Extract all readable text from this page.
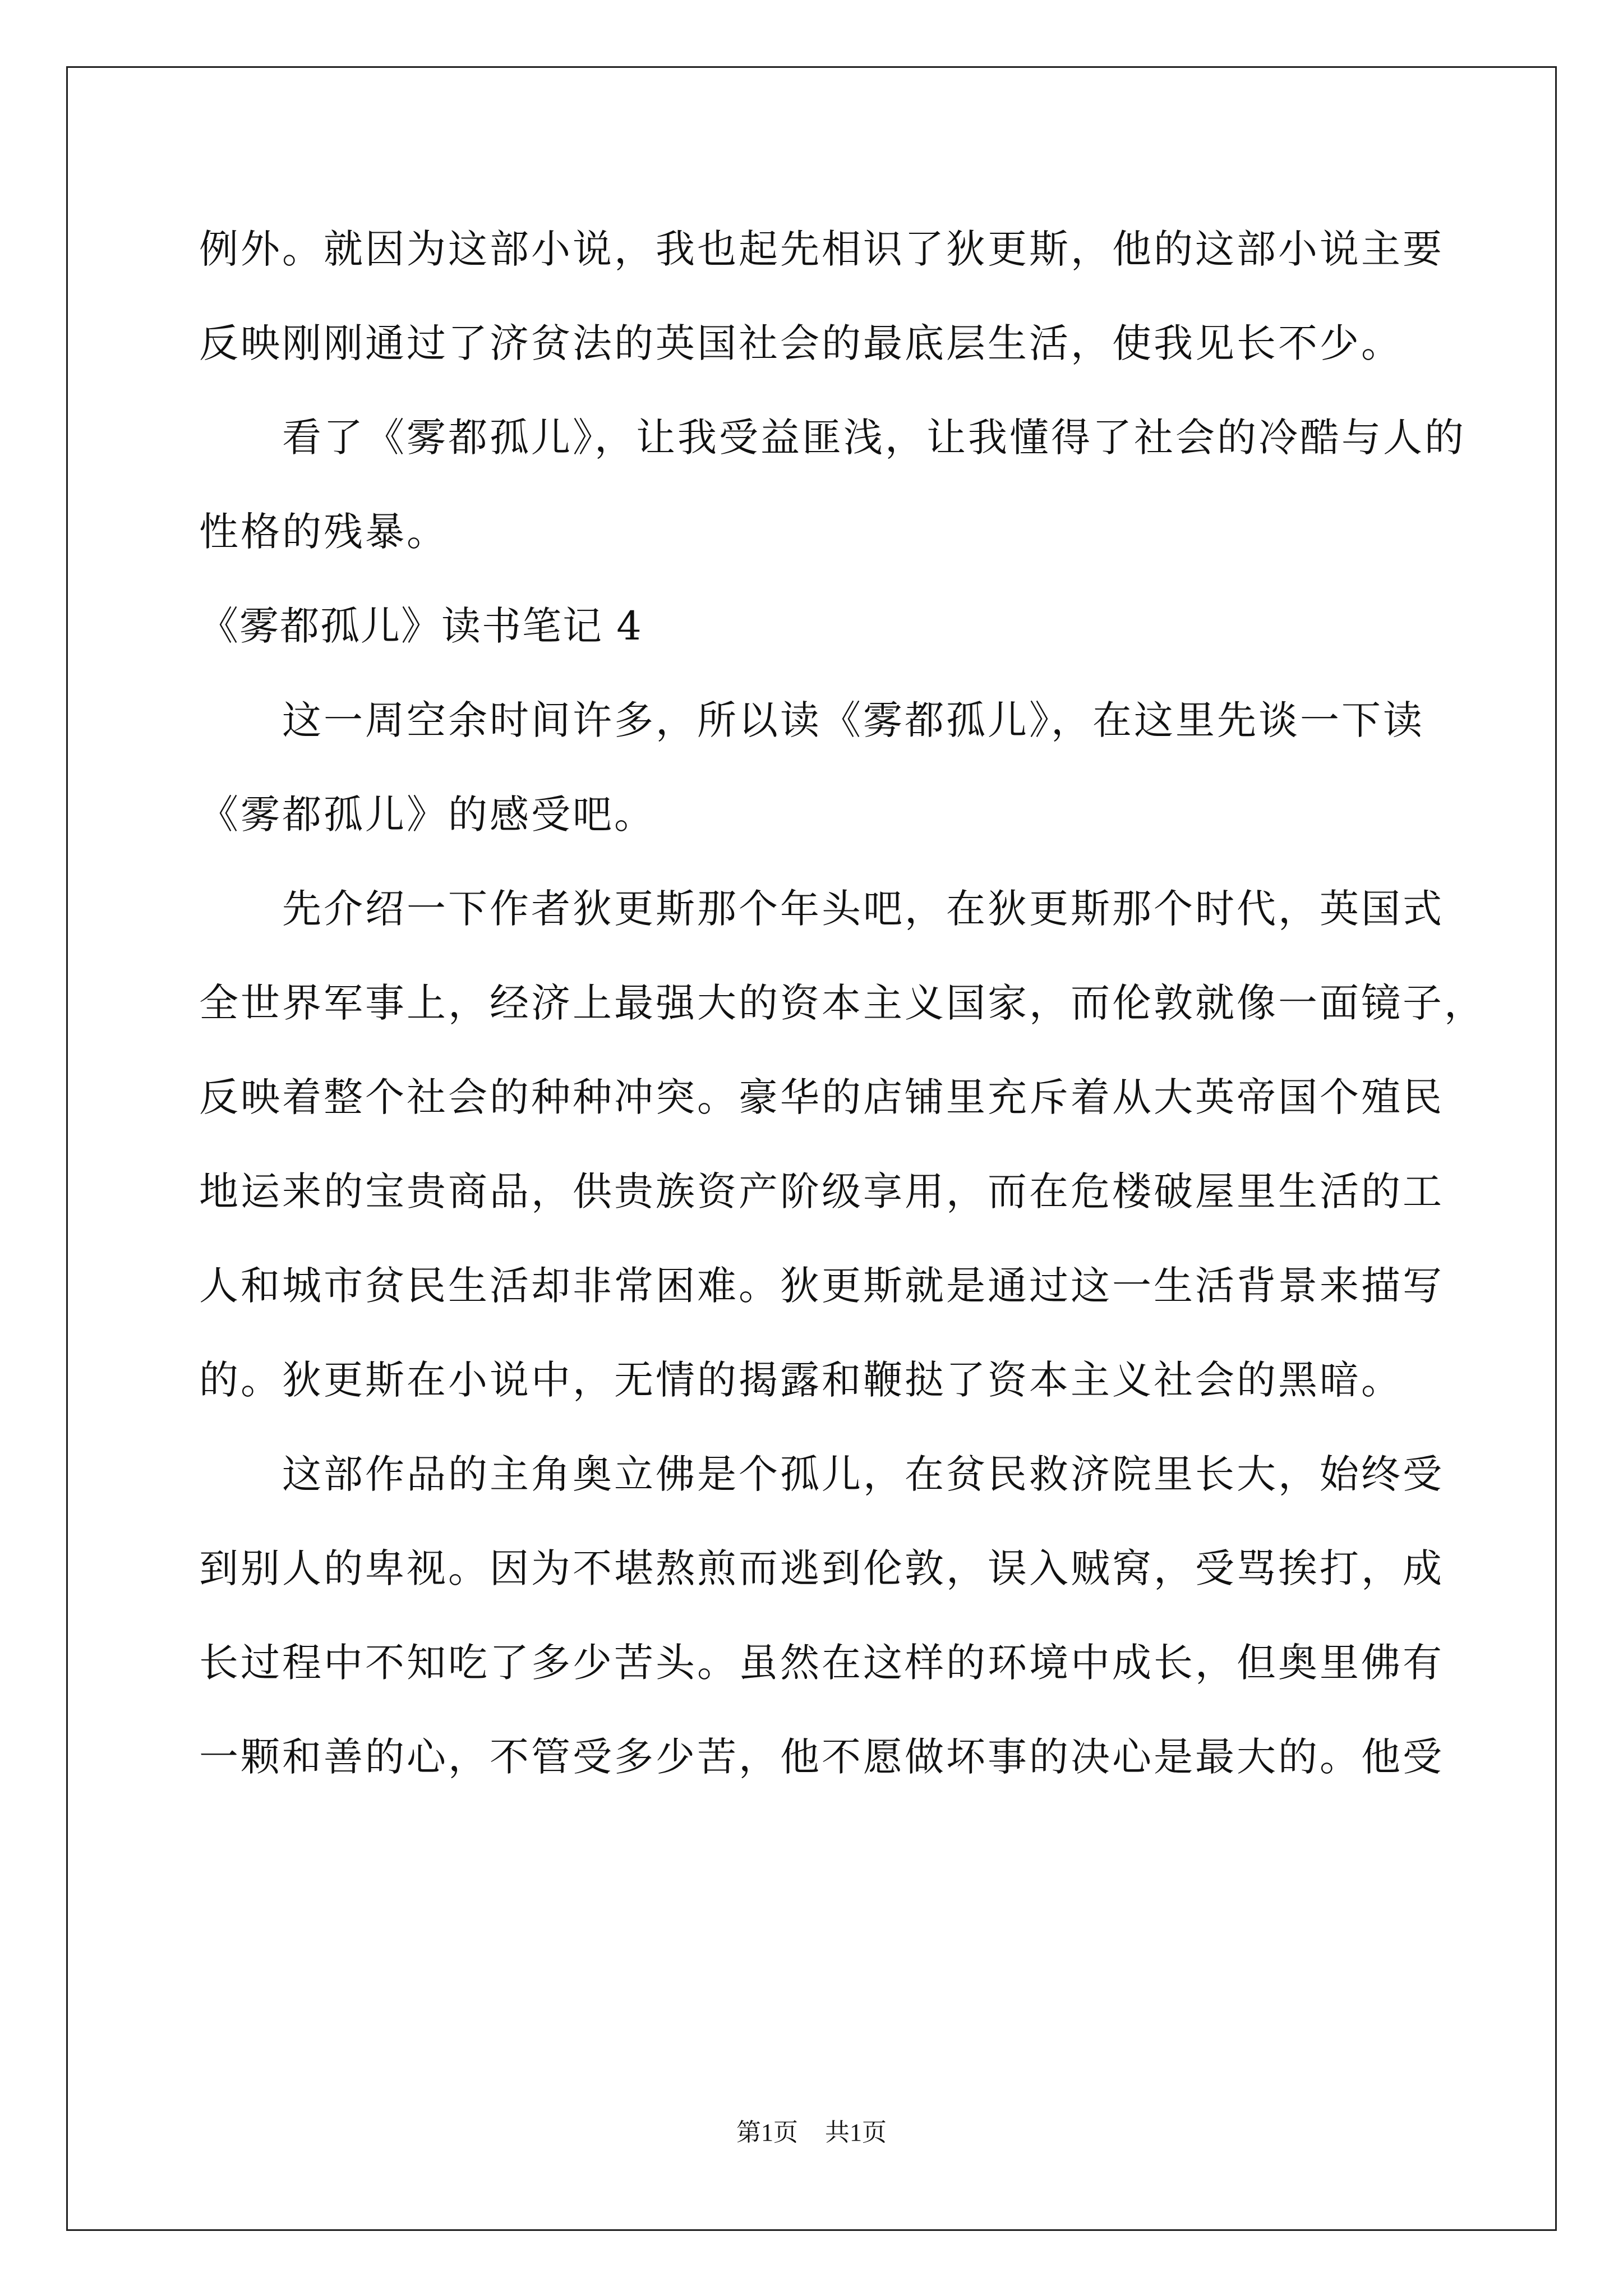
例外。就因为这部小说，我也起先相识了狄更斯，他的这部小说主要
反映刚刚通过了济贫法的英国社会的最底层生活，使我见长不少。
看了《雾都孤儿》，让我受益匪浅，让我懂得了社会的冷酷与人的
性格的残暴。
《雾都孤儿》读书笔记 4
这一周空余时间许多，所以读《雾都孤儿》，在这里先谈一下读
《雾都孤儿》的感受吧。
先介绍一下作者狄更斯那个年头吧，在狄更斯那个时代，英国式
全世界军事上，经济上最强大的资本主义国家，而伦敦就像一面镜子，
反映着整个社会的种种冲突。豪华的店铺里充斥着从大英帝国个殖民
地运来的宝贵商品，供贵族资产阶级享用，而在危楼破屋里生活的工
人和城市贫民生活却非常困难。狄更斯就是通过这一生活背景来描写
的。狄更斯在小说中，无情的揭露和鞭挞了资本主义社会的黑暗。
这部作品的主角奥立佛是个孤儿，在贫民救济院里长大，始终受
到别人的卑视。因为不堪熬煎而逃到伦敦，误入贼窝，受骂挨打，成
长过程中不知吃了多少苦头。虽然在这样的环境中成长，但奥里佛有
一颗和善的心，不管受多少苦，他不愿做坏事的决心是最大的。他受
第1页 共1页
